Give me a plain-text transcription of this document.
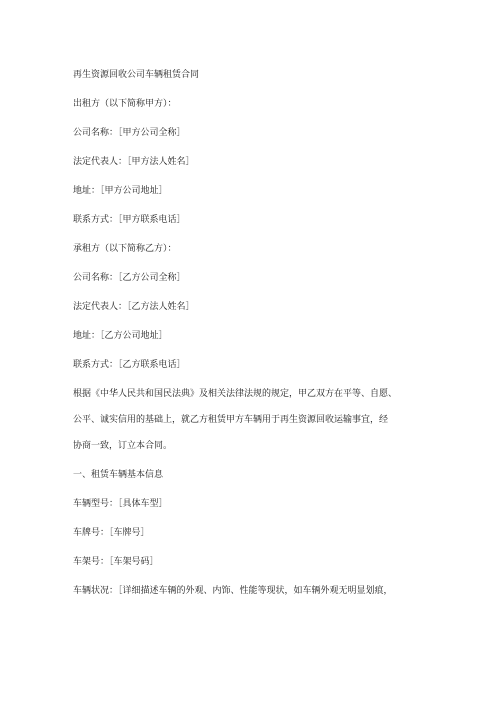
再生资源回收公司车辆租赁合同

出租方（以下简称甲方）：

公司名称：［甲方公司全称］

法定代表人：［甲方法人姓名］

地址：［甲方公司地址］

联系方式：［甲方联系电话］

承租方（以下简称乙方）：

公司名称：［乙方公司全称］

法定代表人：［乙方法人姓名］

地址：［乙方公司地址］

联系方式：［乙方联系电话］

根据《中华人民共和国民法典》及相关法律法规的规定，甲乙双方在平等、自愿、

公平、诚实信用的基础上，就乙方租赁甲方车辆用于再生资源回收运输事宜，经

协商一致，订立本合同。

一、租赁车辆基本信息

车辆型号：［具体车型］

车牌号：［车牌号］

车架号：［车架号码］

车辆状况：［详细描述车辆的外观、内饰、性能等现状，如车辆外观无明显划痕，
